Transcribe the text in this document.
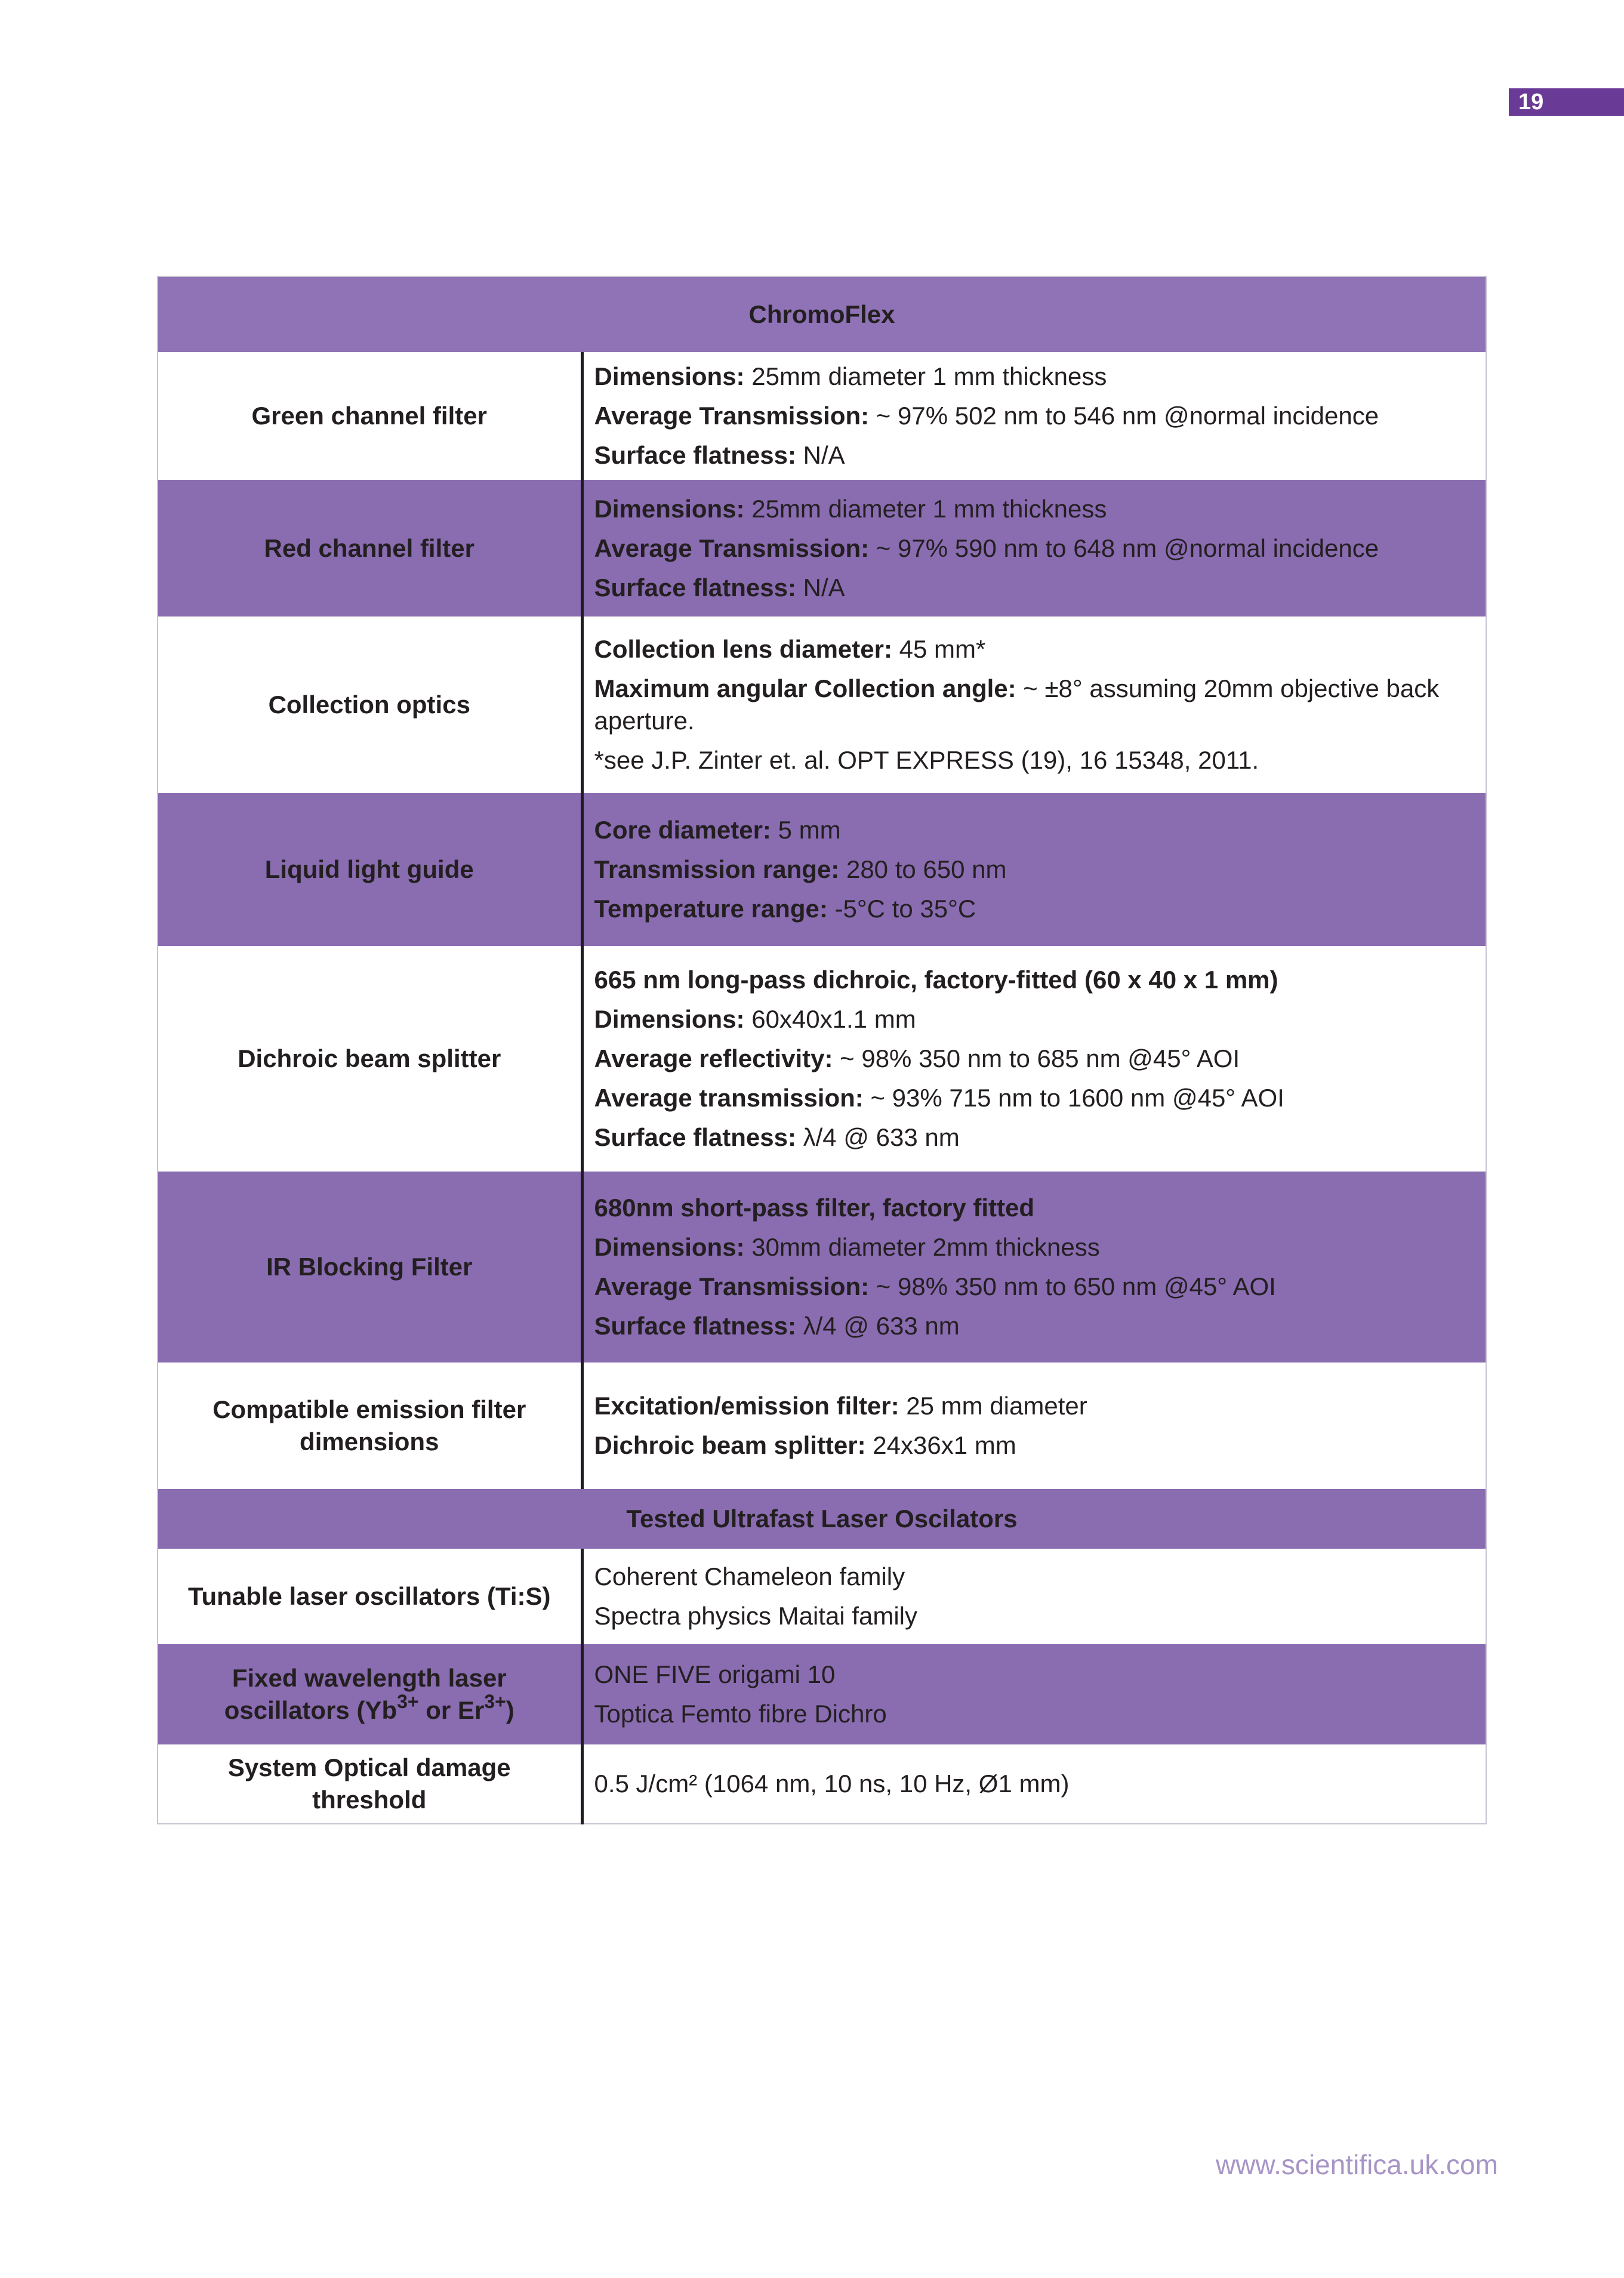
19
ChromoFlex	
Green channel filter	Dimensions: 25mm diameter 1 mm thickness
Average Transmission: ~ 97% 502 nm to 546 nm @normal incidence
Surface flatness: N/A

Red channel filter	Dimensions: 25mm diameter 1 mm thickness
Average Transmission: ~ 97% 590 nm to 648 nm @normal incidence
Surface flatness: N/A

Collection optics	Collection lens diameter: 45 mm*
Maximum angular Collection angle: ~ ±8° assuming 20mm objective back aperture.
*see J.P. Zinter et. al. OPT EXPRESS (19), 16 15348, 2011.

Liquid light guide	Core diameter: 5 mm
Transmission range: 280 to 650 nm
Temperature range: -5°C to 35°C

Dichroic beam splitter	665 nm long-pass dichroic, factory-fitted (60 x 40 x 1 mm)
Dimensions: 60x40x1.1 mm
Average reflectivity: ~ 98% 350 nm to 685 nm @45° AOI
Average transmission: ~ 93% 715 nm to 1600 nm @45° AOI
Surface flatness: λ/4 @ 633 nm

IR Blocking Filter	680nm short-pass filter, factory fitted
Dimensions: 30mm diameter 2mm thickness
Average Transmission: ~ 98% 350 nm to 650 nm @45° AOI
Surface flatness: λ/4 @ 633 nm

Compatible emission filter dimensions	Excitation/emission filter: 25 mm diameter
Dichroic beam splitter: 24x36x1 mm

Tested Ultrafast Laser Oscilators	
Tunable laser oscillators (Ti:S)	Coherent Chameleon family
Spectra physics Maitai family

Fixed wavelength laser oscillators ($Yb^{3+}$ or $Er^{3+}$)	ONE FIVE origami 10
Toptica Femto fibre Dichro

System Optical damage threshold	0.5 J/cm² (1064 nm, 10 ns, 10 Hz, Ø1 mm)
www.scientifica.uk.com
